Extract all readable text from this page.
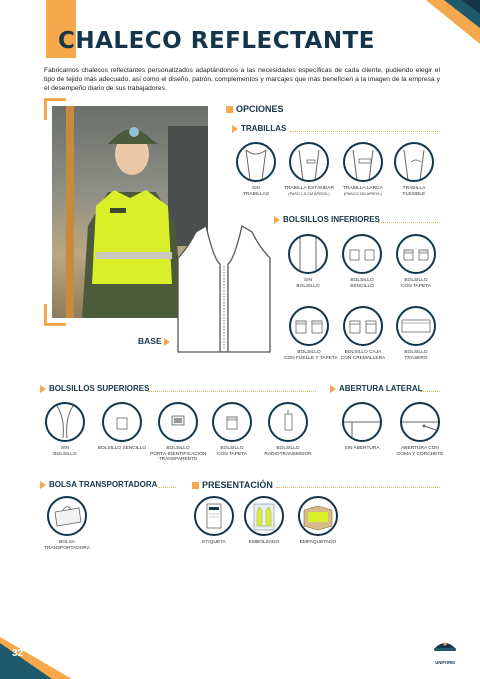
CHALECO REFLECTANTE

Fabricamos chalecos reflectantes personalizados adaptándonos a las necesidades específicas de cada cliente, pudiendo elegir el tipo de tejido más adecuado, así como el diseño, patrón, complementos y marcajes que más beneficien a la imagen de la empresa y el desempeño diario de sus trabajadores.

BASE
OPCIONES
TRABILLAS
SIN
TRABILLAS
TRABILLA ESTÁNDAR
(PASO 1,5 CM APROX.)
TRABILLA LARGA
(PASO 5 CM APROX.)
TRABILLA
FLEXIBLE
BOLSILLOS INFERIORES
SIN
BOLSILLO
BOLSILLO
SENCILLO
BOLSILLO
CON TAPETA
BOLSILLO
CON FUELLE Y TAPETA
BOLSILLO CAJA
CON CREMALLERA
BOLSILLO
TRASERO
BOLSILLOS SUPERIORES
SIN
BOLSILLO
BOLSILLO SENCILLO	BOLSILLO
PORTA-IDENTIFICACIÓN
TRANSPARENTE
BOLSILLO
CON TAPETA
BOLSILLO
RADIOTRANSMISOR
ABERTURA LATERAL
SIN ABERTURA	ABERTURA CON
GOMA Y CORCHETE
BOLSA TRANSPORTADORA
BOLSA
TRANSPORTADORA
PRESENTACIÓN
ETIQUETA	EMBOLSADO	EMPAQUETADO
32
UNIFORM
